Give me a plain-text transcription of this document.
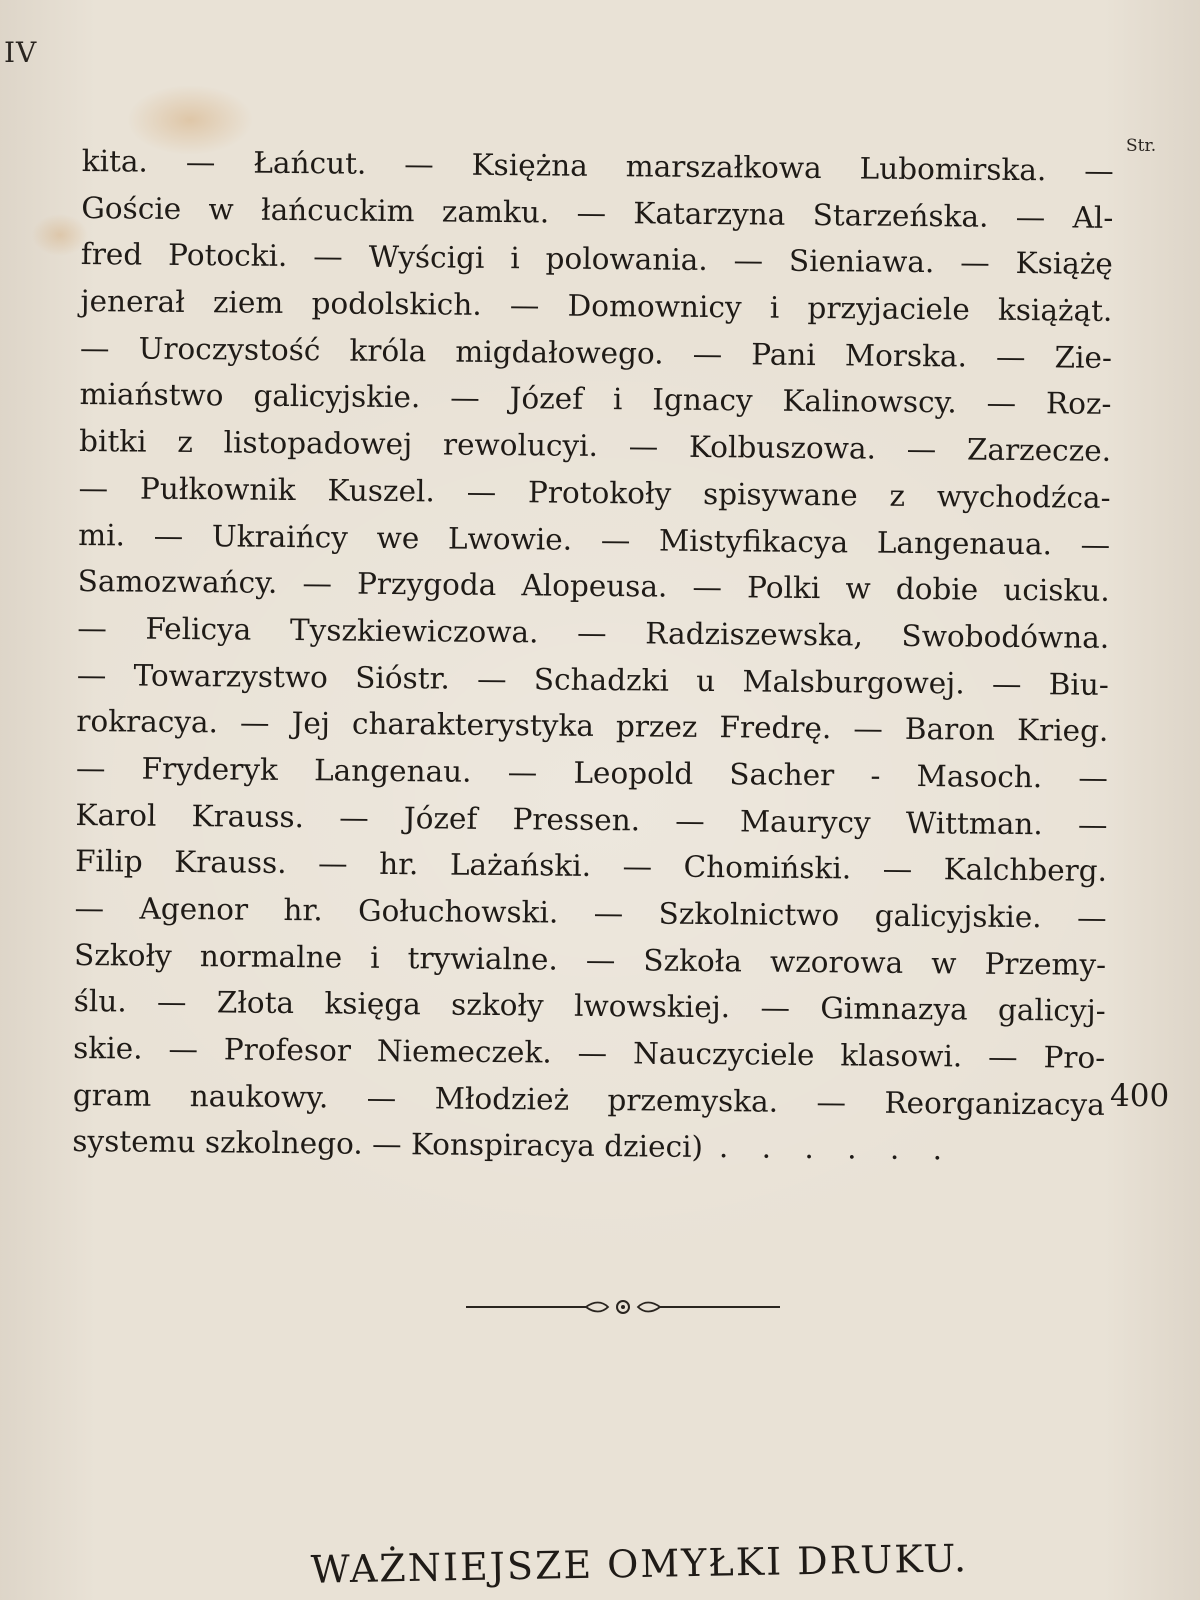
IV
Str.
kita. — Łańcut. — Księżna marszałkowa Lubomirska. —
Goście w łańcuckim zamku. — Katarzyna Starzeńska. — Al-
fred Potocki. — Wyścigi i polowania. — Sieniawa. — Książę
jenerał ziem podolskich. — Domownicy i przyjaciele książąt.
— Uroczystość króla migdałowego. — Pani Morska. — Zie-
miaństwo galicyjskie. — Józef i Ignacy Kalinowscy. — Roz-
bitki z listopadowej rewolucyi. — Kolbuszowa. — Zarzecze.
— Pułkownik Kuszel. — Protokoły spisywane z wychodźca-
mi. — Ukraińcy we Lwowie. — Mistyfikacya Langenaua. —
Samozwańcy. — Przygoda Alopeusa. — Polki w dobie ucisku.
— Felicya Tyszkiewiczowa. — Radziszewska, Swobodówna.
— Towarzystwo Sióstr. — Schadzki u Malsburgowej. — Biu-
rokracya. — Jej charakterystyka przez Fredrę. — Baron Krieg.
— Fryderyk Langenau. — Leopold Sacher - Masoch. —
Karol Krauss. — Józef Pressen. — Maurycy Wittman. —
Filip Krauss. — hr. Lażański. — Chomiński. — Kalchberg.
— Agenor hr. Gołuchowski. — Szkolnictwo galicyjskie. —
Szkoły normalne i trywialne. — Szkoła wzorowa w Przemy-
ślu. — Złota księga szkoły lwowskiej. — Gimnazya galicyj-
skie. — Profesor Niemeczek. — Nauczyciele klasowi. — Pro-
gram naukowy. — Młodzież przemyska. — Reorganizacya
systemu szkolnego. — Konspiracya dzieci) . . . . . .
400
WAŻNIEJSZE OMYŁKI DRUKU.
